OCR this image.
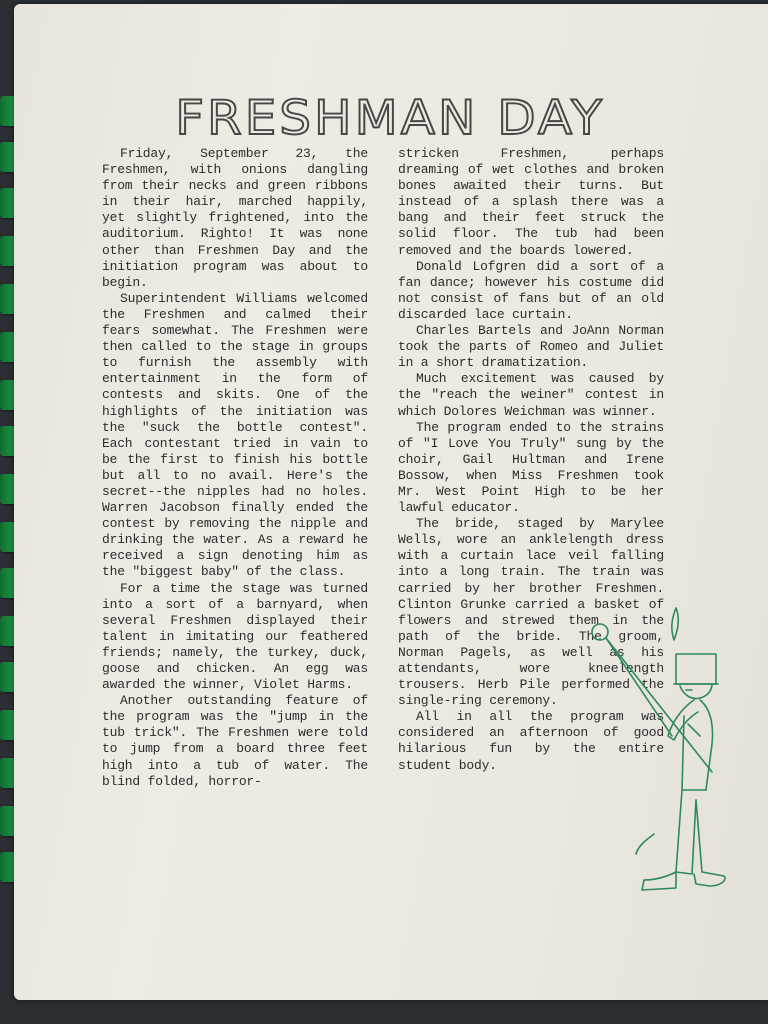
FRESHMAN DAY

Friday, September 23, the Freshmen, with onions dangling from their necks and green ribbons in their hair, marched happily, yet slightly frightened, into the auditorium. Righto! It was none other than Freshmen Day and the initiation program was about to begin.

Superintendent Williams welcomed the Freshmen and calmed their fears somewhat. The Freshmen were then called to the stage in groups to furnish the assembly with entertainment in the form of contests and skits. One of the highlights of the initiation was the "suck the bottle contest". Each contestant tried in vain to be the first to finish his bottle but all to no avail. Here's the secret--the nipples had no holes. Warren Jacobson finally ended the contest by removing the nipple and drinking the water. As a reward he received a sign denoting him as the "biggest baby" of the class.

For a time the stage was turned into a sort of a barnyard, when several Freshmen displayed their talent in imitating our feathered friends; namely, the turkey, duck, goose and chicken. An egg was awarded the winner, Violet Harms.

Another outstanding feature of the program was the "jump in the tub trick". The Freshmen were told to jump from a board three feet high into a tub of water. The blind folded, horror-

stricken Freshmen, perhaps dreaming of wet clothes and broken bones awaited their turns. But instead of a splash there was a bang and their feet struck the solid floor. The tub had been removed and the boards lowered.

Donald Lofgren did a sort of a fan dance; however his costume did not consist of fans but of an old discarded lace curtain.

Charles Bartels and JoAnn Norman took the parts of Romeo and Juliet in a short dramatization.

Much excitement was caused by the "reach the weiner" contest in which Dolores Weichman was winner.

The program ended to the strains of "I Love You Truly" sung by the choir, Gail Hultman and Irene Bossow, when Miss Freshmen took Mr. West Point High to be her lawful educator.

The bride, staged by Marylee Wells, wore an anklelength dress with a curtain lace veil falling into a long train. The train was carried by her brother Freshmen. Clinton Grunke carried a basket of flowers and strewed them in the path of the bride. The groom, Norman Pagels, as well as his attendants, wore kneelength trousers. Herb Pile performed the single-ring ceremony.

All in all the program was considered an afternoon of good hilarious fun by the entire student body.
